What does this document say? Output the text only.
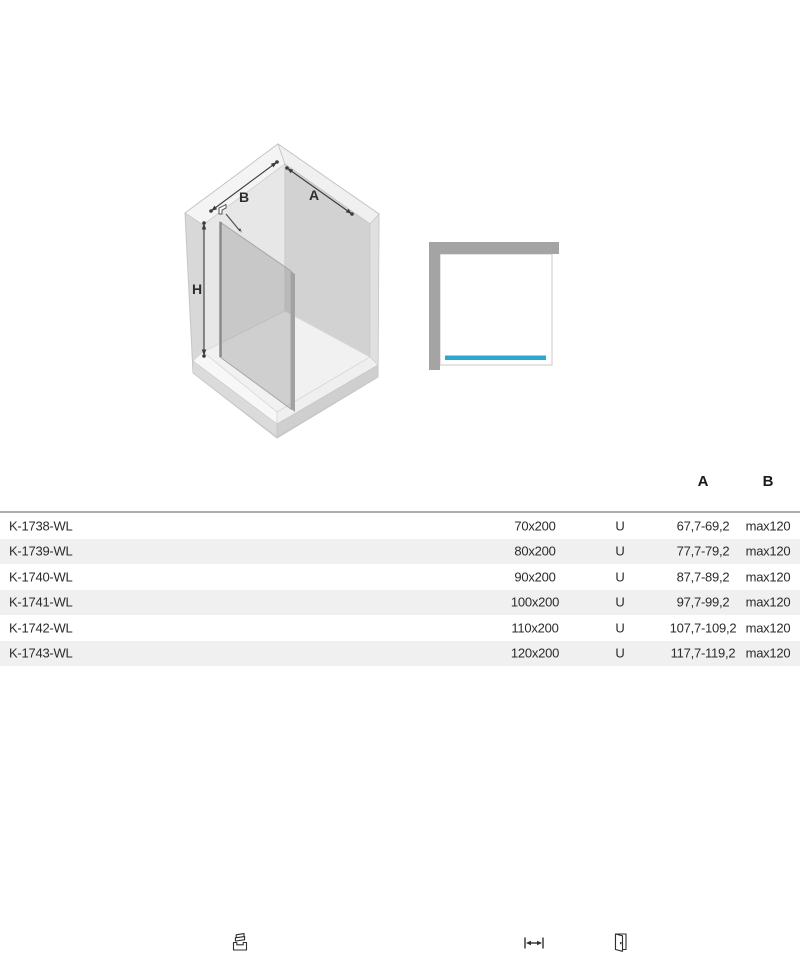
B	A
H
A	B
K-1738-WL	70x200	U	67,7-69,2	max120
K-1739-WL	80x200	U	77,7-79,2	max120
K-1740-WL	90x200	U	87,7-89,2	max120
K-1741-WL	100x200	U	97,7-99,2	max120
K-1742-WL	110x200	U	107,7-109,2 max120
K-1743-WL	120x200	U	117,7-119,2 max120
